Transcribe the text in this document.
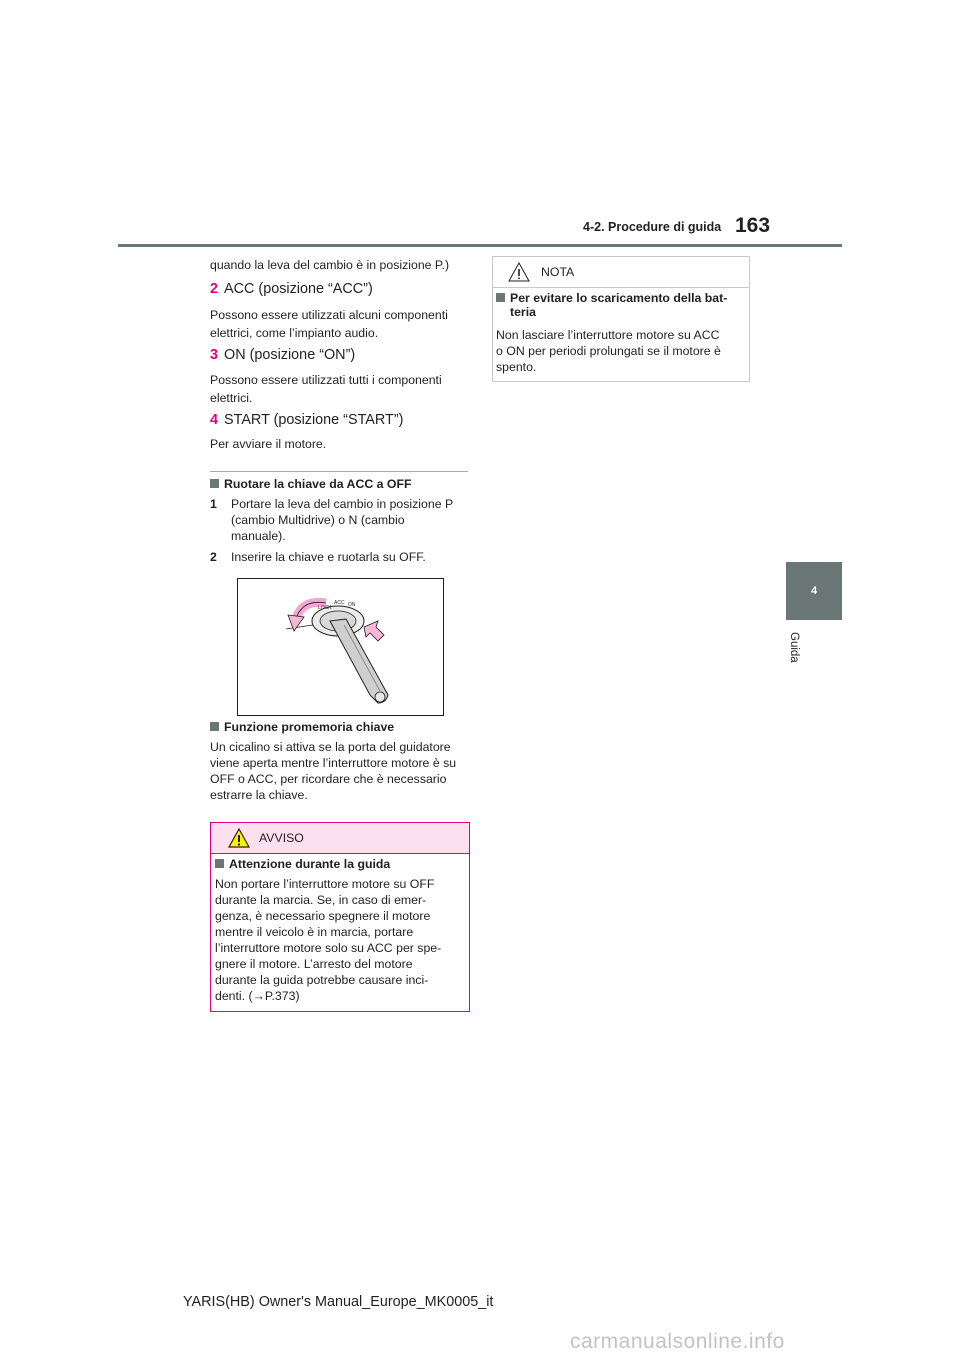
4-2. Procedure di guida 163
4
Guida
quando la leva del cambio è in posizione P.)
2 ACC (posizione “ACC”)
Possono essere utilizzati alcuni componenti
elettrici, come l’impianto audio.
3 ON (posizione “ON”)
Possono essere utilizzati tutti i componenti
elettrici.
4 START (posizione “START”)
Per avviare il motore.
Ruotare la chiave da ACC a OFF
1 Portare la leva del cambio in posizione P
(cambio Multidrive) o N (cambio
manuale).
2 Inserire la chiave e ruotarla su OFF.
LOCK
ACC ON
Funzione promemoria chiave
Un cicalino si attiva se la porta del guidatore
viene aperta mentre l’interruttore motore è su
OFF o ACC, per ricordare che è necessario
estrarre la chiave.
AVVISO
Attenzione durante la guida
Non portare l’interruttore motore su OFF
durante la marcia. Se, in caso di emer-
genza, è necessario spegnere il motore
mentre il veicolo è in marcia, portare
l’interruttore motore solo su ACC per spe-
gnere il motore. L’arresto del motore
durante la guida potrebbe causare inci-
denti. (→P.373)
NOTA
Per evitare lo scaricamento della bat-
teria
Non lasciare l’interruttore motore su ACC
o ON per periodi prolungati se il motore è
spento.
YARIS(HB) Owner's Manual_Europe_MK0005_it
carmanualsonline.info
